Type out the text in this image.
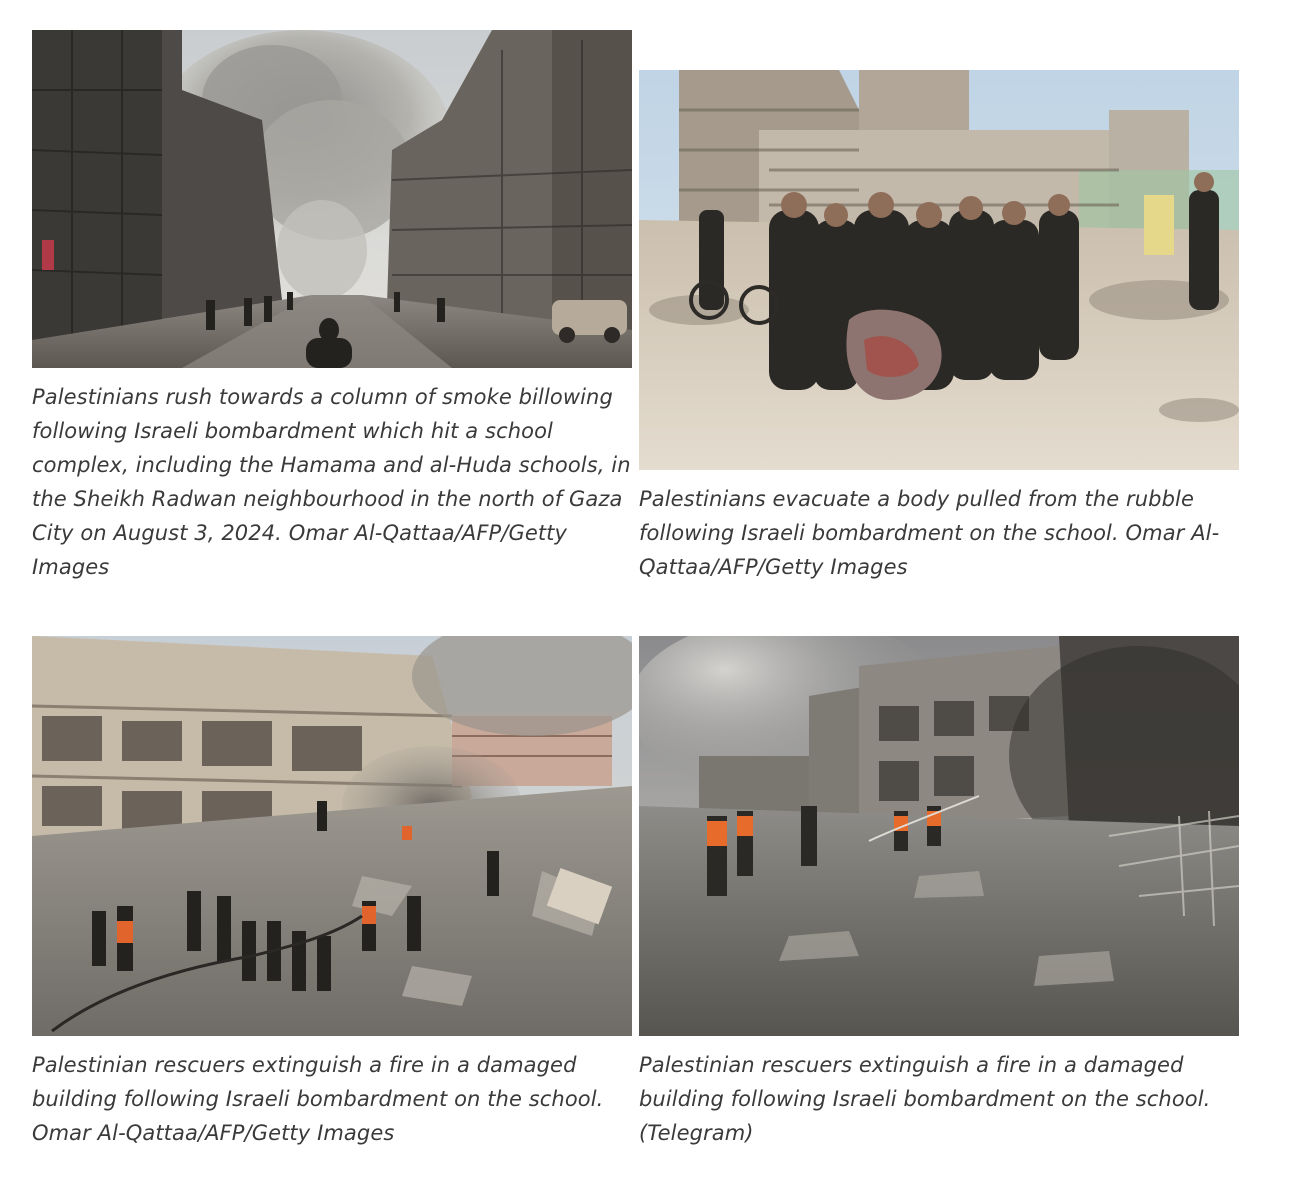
Palestinians rush towards a column of smoke billowing following Israeli bombardment which hit a school complex, including the Hamama and al-Huda schools, in the Sheikh Radwan neighbourhood in the north of Gaza City on August 3, 2024. Omar Al-Qattaa/AFP/Getty Images

Palestinians evacuate a body pulled from the rubble following Israeli bombardment on the school. Omar Al-Qattaa/AFP/Getty Images

Palestinian rescuers extinguish a fire in a damaged building following Israeli bombardment on the school. Omar Al-Qattaa/AFP/Getty Images

Palestinian rescuers extinguish a fire in a damaged building following Israeli bombardment on the school. (Telegram)
